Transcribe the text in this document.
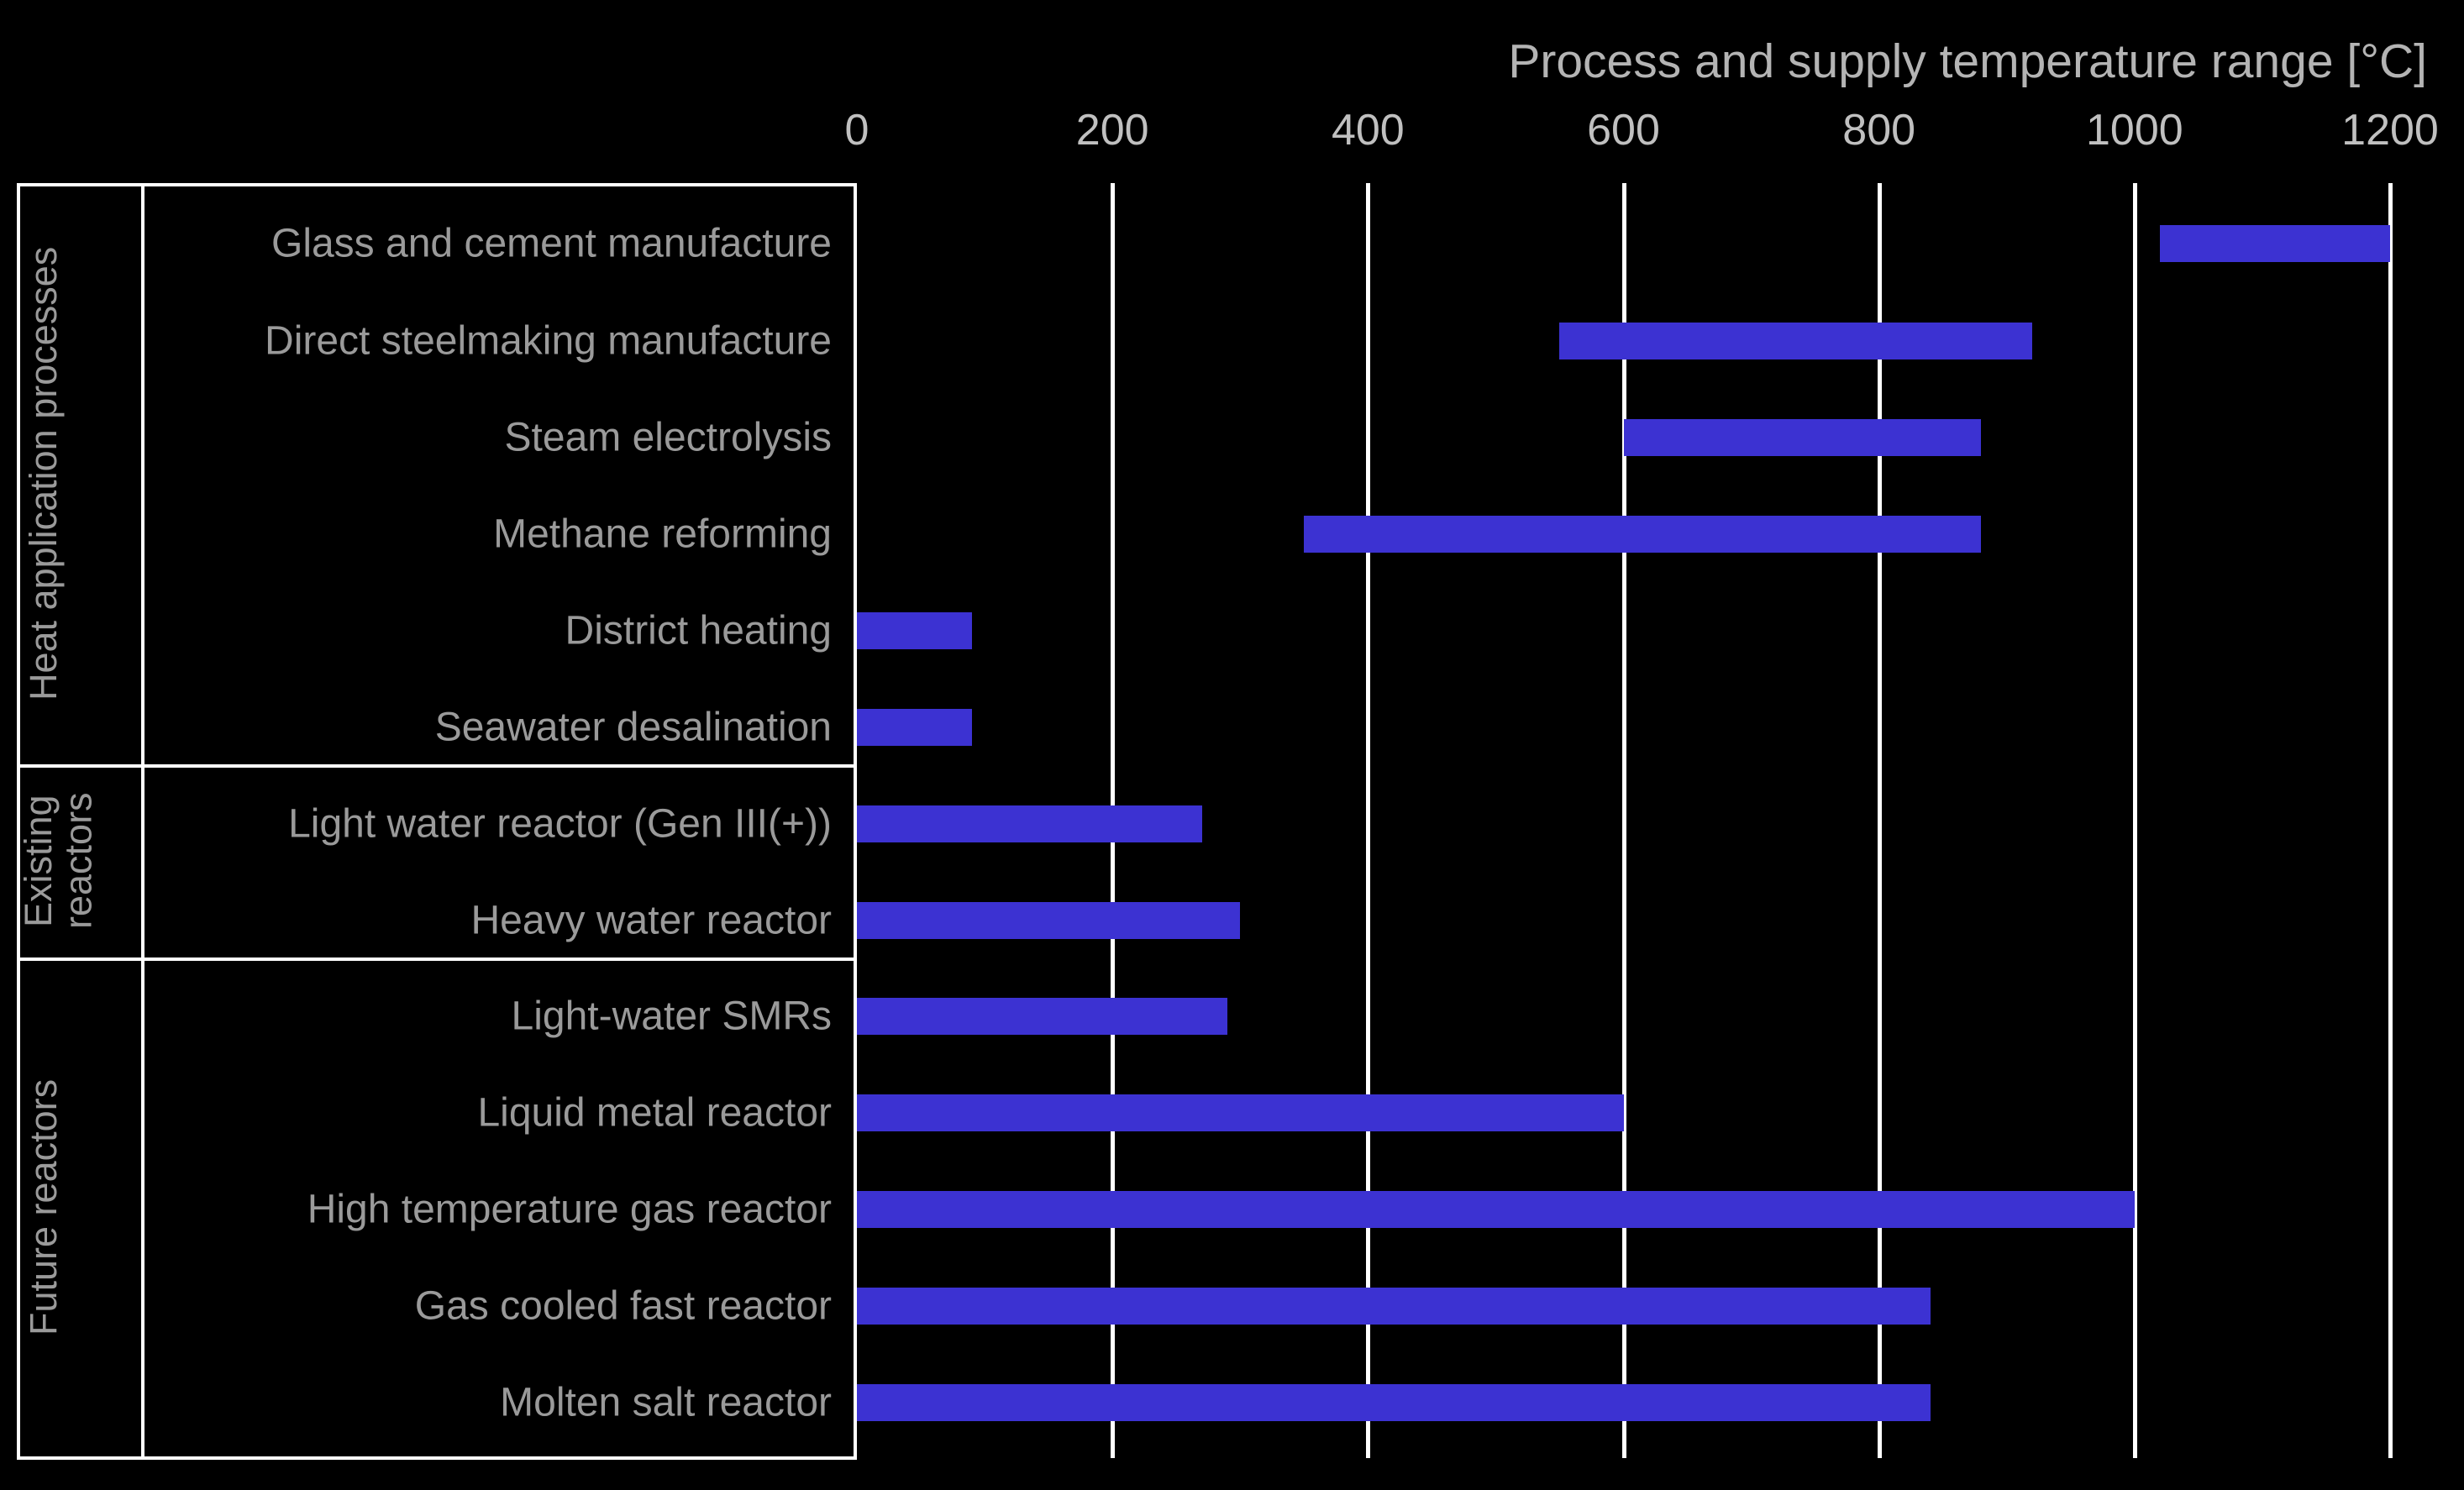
Process and supply temperature range [°C]
0	200	400	600	800	1000	1200
Heat application processes
Existing reactors
Future reactors
Glass and cement manufacture
Direct steelmaking manufacture
Steam electrolysis
Methane reforming
District heating
Seawater desalination
Light water reactor (Gen III(+))
Heavy water reactor
Light-water SMRs
Liquid metal reactor
High temperature gas reactor
Gas cooled fast reactor
Molten salt reactor
